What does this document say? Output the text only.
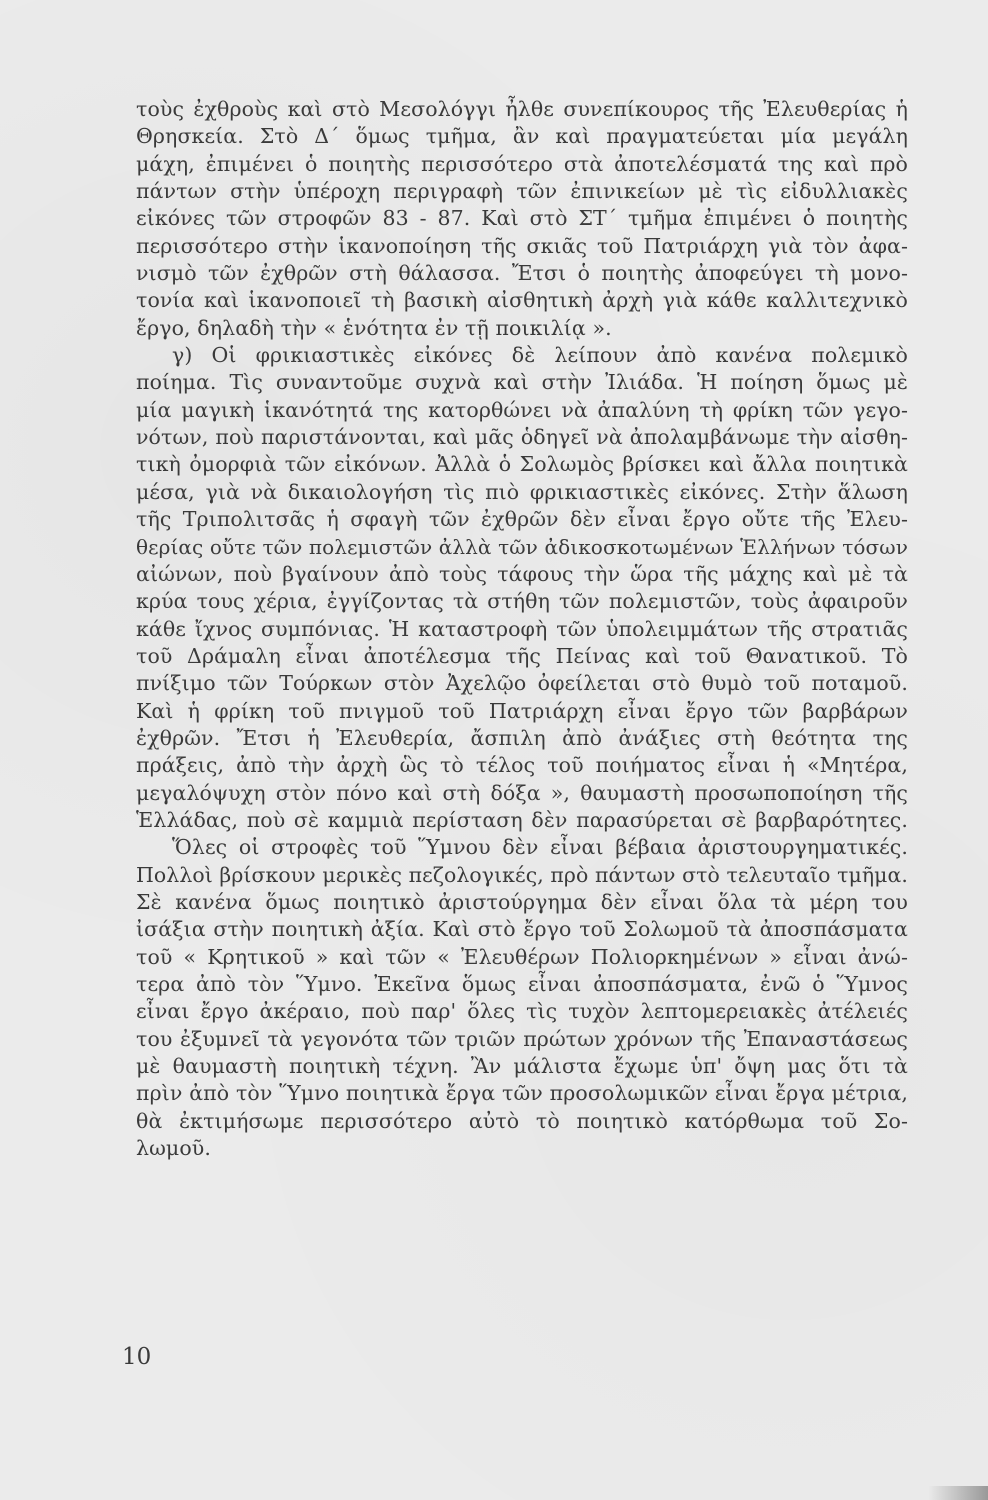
τοὺς ἐχθροὺς καὶ στὸ Μεσολόγγι ἦλθε συνεπίκουρος τῆς Ἐλευθερίας ἡ
Θρησκεία. Στὸ Δ΄ ὅμως τμῆμα, ἂν καὶ πραγματεύεται μία μεγάλη
μάχη, ἐπιμένει ὁ ποιητὴς περισσότερο στὰ ἀποτελέσματά της καὶ πρὸ
πάντων στὴν ὑπέροχη περιγραφὴ τῶν ἐπινικείων μὲ τὶς εἰδυλλιακὲς
εἰκόνες τῶν στροφῶν 83 - 87. Καὶ στὸ ΣΤ΄ τμῆμα ἐπιμένει ὁ ποιητὴς
περισσότερο στὴν ἱκανοποίηση τῆς σκιᾶς τοῦ Πατριάρχη γιὰ τὸν ἀφα-
νισμὸ τῶν ἐχθρῶν στὴ θάλασσα. Ἔτσι ὁ ποιητὴς ἀποφεύγει τὴ μονο-
τονία καὶ ἱκανοποιεῖ τὴ βασικὴ αἰσθητικὴ ἀρχὴ γιὰ κάθε καλλιτεχνικὸ
ἔργο, δηλαδὴ τὴν « ἑνότητα ἐν τῇ ποικιλίᾳ ».
γ) Οἱ φρικιαστικὲς εἰκόνες δὲ λείπουν ἀπὸ κανένα πολεμικὸ
ποίημα. Τὶς συναντοῦμε συχνὰ καὶ στὴν Ἰλιάδα. Ἡ ποίηση ὅμως μὲ
μία μαγικὴ ἱκανότητά της κατορθώνει νὰ ἀπαλύνη τὴ φρίκη τῶν γεγο-
νότων, ποὺ παριστάνονται, καὶ μᾶς ὁδηγεῖ νὰ ἀπολαμβάνωμε τὴν αἰσθη-
τικὴ ὀμορφιὰ τῶν εἰκόνων. Ἀλλὰ ὁ Σολωμὸς βρίσκει καὶ ἄλλα ποιητικὰ
μέσα, γιὰ νὰ δικαιολογήση τὶς πιὸ φρικιαστικὲς εἰκόνες. Στὴν ἅλωση
τῆς Τριπολιτσᾶς ἡ σφαγὴ τῶν ἐχθρῶν δὲν εἶναι ἔργο οὔτε τῆς Ἐλευ-
θερίας οὔτε τῶν πολεμιστῶν ἀλλὰ τῶν ἀδικοσκοτωμένων Ἑλλήνων τόσων
αἰώνων, ποὺ βγαίνουν ἀπὸ τοὺς τάφους τὴν ὥρα τῆς μάχης καὶ μὲ τὰ
κρύα τους χέρια, ἐγγίζοντας τὰ στήθη τῶν πολεμιστῶν, τοὺς ἀφαιροῦν
κάθε ἴχνος συμπόνιας. Ἡ καταστροφὴ τῶν ὑπολειμμάτων τῆς στρατιᾶς
τοῦ Δράμαλη εἶναι ἀποτέλεσμα τῆς Πείνας καὶ τοῦ Θανατικοῦ. Τὸ
πνίξιμο τῶν Τούρκων στὸν Ἀχελῷο ὀφείλεται στὸ θυμὸ τοῦ ποταμοῦ.
Καὶ ἡ φρίκη τοῦ πνιγμοῦ τοῦ Πατριάρχη εἶναι ἔργο τῶν βαρβάρων
ἐχθρῶν. Ἔτσι ἡ Ἐλευθερία, ἄσπιλη ἀπὸ ἀνάξιες στὴ θεότητα της
πράξεις, ἀπὸ τὴν ἀρχὴ ὣς τὸ τέλος τοῦ ποιήματος εἶναι ἡ «Μητέρα,
μεγαλόψυχη στὸν πόνο καὶ στὴ δόξα », θαυμαστὴ προσωποποίηση τῆς
Ἑλλάδας, ποὺ σὲ καμμιὰ περίσταση δὲν παρασύρεται σὲ βαρβαρότητες.
Ὅλες οἱ στροφὲς τοῦ Ὕμνου δὲν εἶναι βέβαια ἀριστουργηματικές.
Πολλοὶ βρίσκουν μερικὲς πεζολογικές, πρὸ πάντων στὸ τελευταῖο τμῆμα.
Σὲ κανένα ὅμως ποιητικὸ ἀριστούργημα δὲν εἶναι ὅλα τὰ μέρη του
ἰσάξια στὴν ποιητικὴ ἀξία. Καὶ στὸ ἔργο τοῦ Σολωμοῦ τὰ ἀποσπάσματα
τοῦ « Κρητικοῦ » καὶ τῶν « Ἐλευθέρων Πολιορκημένων » εἶναι ἀνώ-
τερα ἀπὸ τὸν Ὕμνο. Ἐκεῖνα ὅμως εἶναι ἀποσπάσματα, ἐνῶ ὁ Ὕμνος
εἶναι ἔργο ἀκέραιο, ποὺ παρ' ὅλες τὶς τυχὸν λεπτομερειακὲς ἀτέλειές
του ἐξυμνεῖ τὰ γεγονότα τῶν τριῶν πρώτων χρόνων τῆς Ἐπαναστάσεως
μὲ θαυμαστὴ ποιητικὴ τέχνη. Ἂν μάλιστα ἔχωμε ὑπ' ὄψη μας ὅτι τὰ
πρὶν ἀπὸ τὸν Ὕμνο ποιητικὰ ἔργα τῶν προσολωμικῶν εἶναι ἔργα μέτρια,
θὰ ἐκτιμήσωμε περισσότερο αὐτὸ τὸ ποιητικὸ κατόρθωμα τοῦ Σο-
λωμοῦ.
10
